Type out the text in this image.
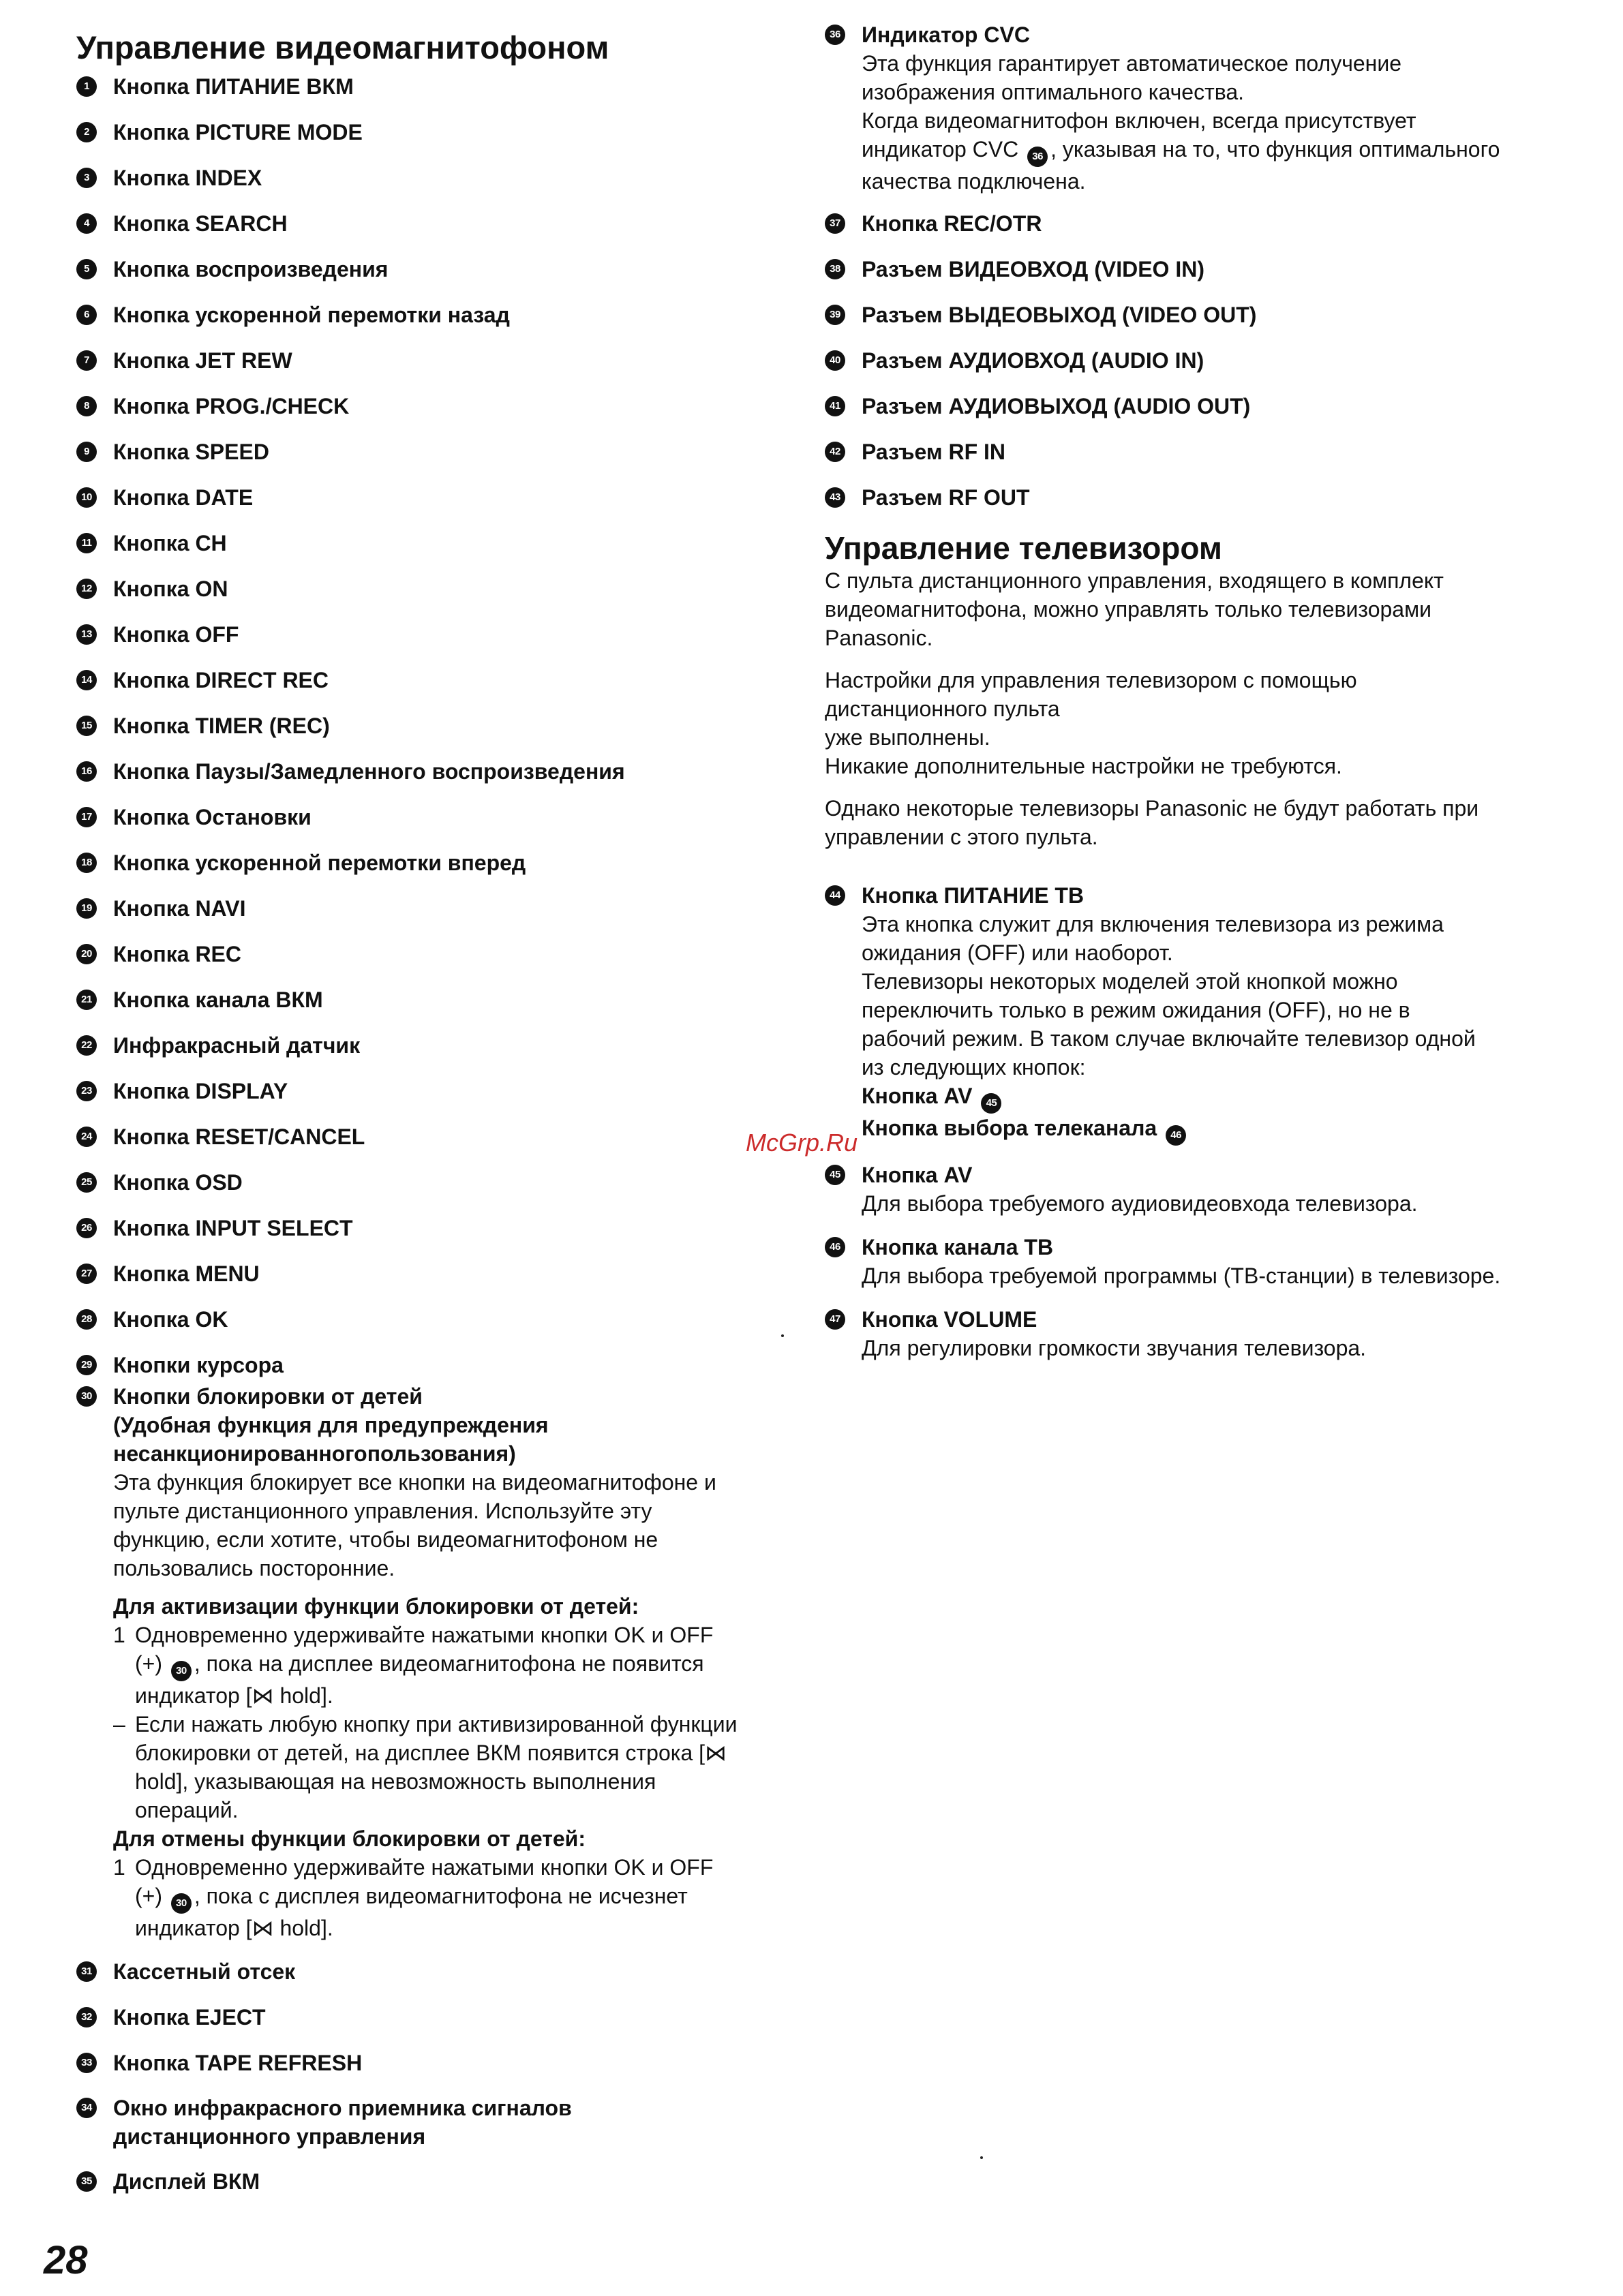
Управление видеомагнитофоном
1	Кнопка ПИТАНИЕ ВКМ
2	Кнопка PICTURE MODE
3	Кнопка INDEX
4	Кнопка SEARCH
5	Кнопка воспроизведения
6	Кнопка ускоренной перемотки назад
7	Кнопка JET REW
8	Кнопка PROG./CHECK
9	Кнопка SPEED
10 Кнопка DATE
11 Кнопка CH
12 Кнопка ON
13 Кнопка OFF
14 Кнопка DIRECT REC
15 Кнопка TIMER (REC)
16 Кнопка Паузы/Замедленного воспроизведения
17 Кнопка Остановки
18 Кнопка ускоренной перемотки вперед
19 Кнопка NAVI
20 Кнопка REC
21 Кнопка канала ВКМ
22 Инфракрасный датчик
23 Кнопка DISPLAY
24 Кнопка RESET/CANCEL
25 Кнопка OSD
26 Кнопка INPUT SELECT
27 Кнопка MENU
28 Кнопка OK
29 Кнопки курсора
30 Кнопки блокировки от детей
(Удобная функция для предупреждения
несанкционированногопользования)
Эта функция блокирует все кнопки на видеомагнитофоне и
пульте дистанционного управления. Используйте эту
функцию, если хотите, чтобы видеомагнитофоном не
пользовались посторонние.
Для активизации функции блокировки от детей:
1 Одновременно удерживайте нажатыми кнопки OK и OFF
(+) 30 , пока на дисплее видеомагнитофона не появится
индикатор [⋈ hold].
– Если нажать любую кнопку при активизированной функции
блокировки от детей, на дисплее ВКМ появится строка [⋈
hold], указывающая на невозможность выполнения
операций.
Для отмены функции блокировки от детей:
1 Одновременно удерживайте нажатыми кнопки OK и OFF
(+) 30 , пока с дисплея видеомагнитофона не исчезнет
индикатор [⋈ hold].
31 Кассетный отсек
32 Кнопка EJECT
33 Кнопка TAPE REFRESH
34 Окно инфракрасного приемника сигналов
дистанционного управления
35 Дисплей ВКМ
36 Индикатор CVC
Эта функция гарантирует автоматическое получение
изображения оптимального качества.
Когда видеомагнитофон включен, всегда присутствует
индикатор CVC 36 , указывая на то, что функция оптимального
качества подключена.
37 Кнопка REC/OTR
38 Разъем ВИДЕОВХОД (VIDEO IN)
39 Разъем ВЫДЕОВЫХОД (VIDEO OUT)
40 Разъем АУДИОВХОД (AUDIO IN)
41 Разъем АУДИОВЫХОД (AUDIO OUT)
42 Разъем RF IN
43 Разъем RF OUT
Управление телевизором
С пульта дистанционного управления, входящего в комплект
видеомагнитофона, можно управлять только телевизорами
Panasonic.
Настройки для управления телевизором с помощью
дистанционного пульта
уже выполнены.
Никакие дополнительные настройки не требуются.
Однако некоторые телевизоры Panasonic не будут работать при
управлении с этого пульта.
44 Кнопка ПИТАНИЕ ТВ
Эта кнопка служит для включения телевизора из режима
ожидания (OFF) или наоборот.
Телевизоры некоторых моделей этой кнопкой можно
переключить только в режим ожидания (OFF), но не в
рабочий режим. В таком случае включайте телевизор одной
из следующих кнопок:
Кнопка AV 45
Кнопка выбора телеканала 46
45 Кнопка AV
Для выбора требуемого аудиовидеовхода телевизора.
46 Кнопка канала ТВ
Для выбора требуемой программы (ТВ-станции) в телевизоре.
47 Кнопка VOLUME
Для регулировки громкости звучания телевизора.
McGrp.Ru
28
